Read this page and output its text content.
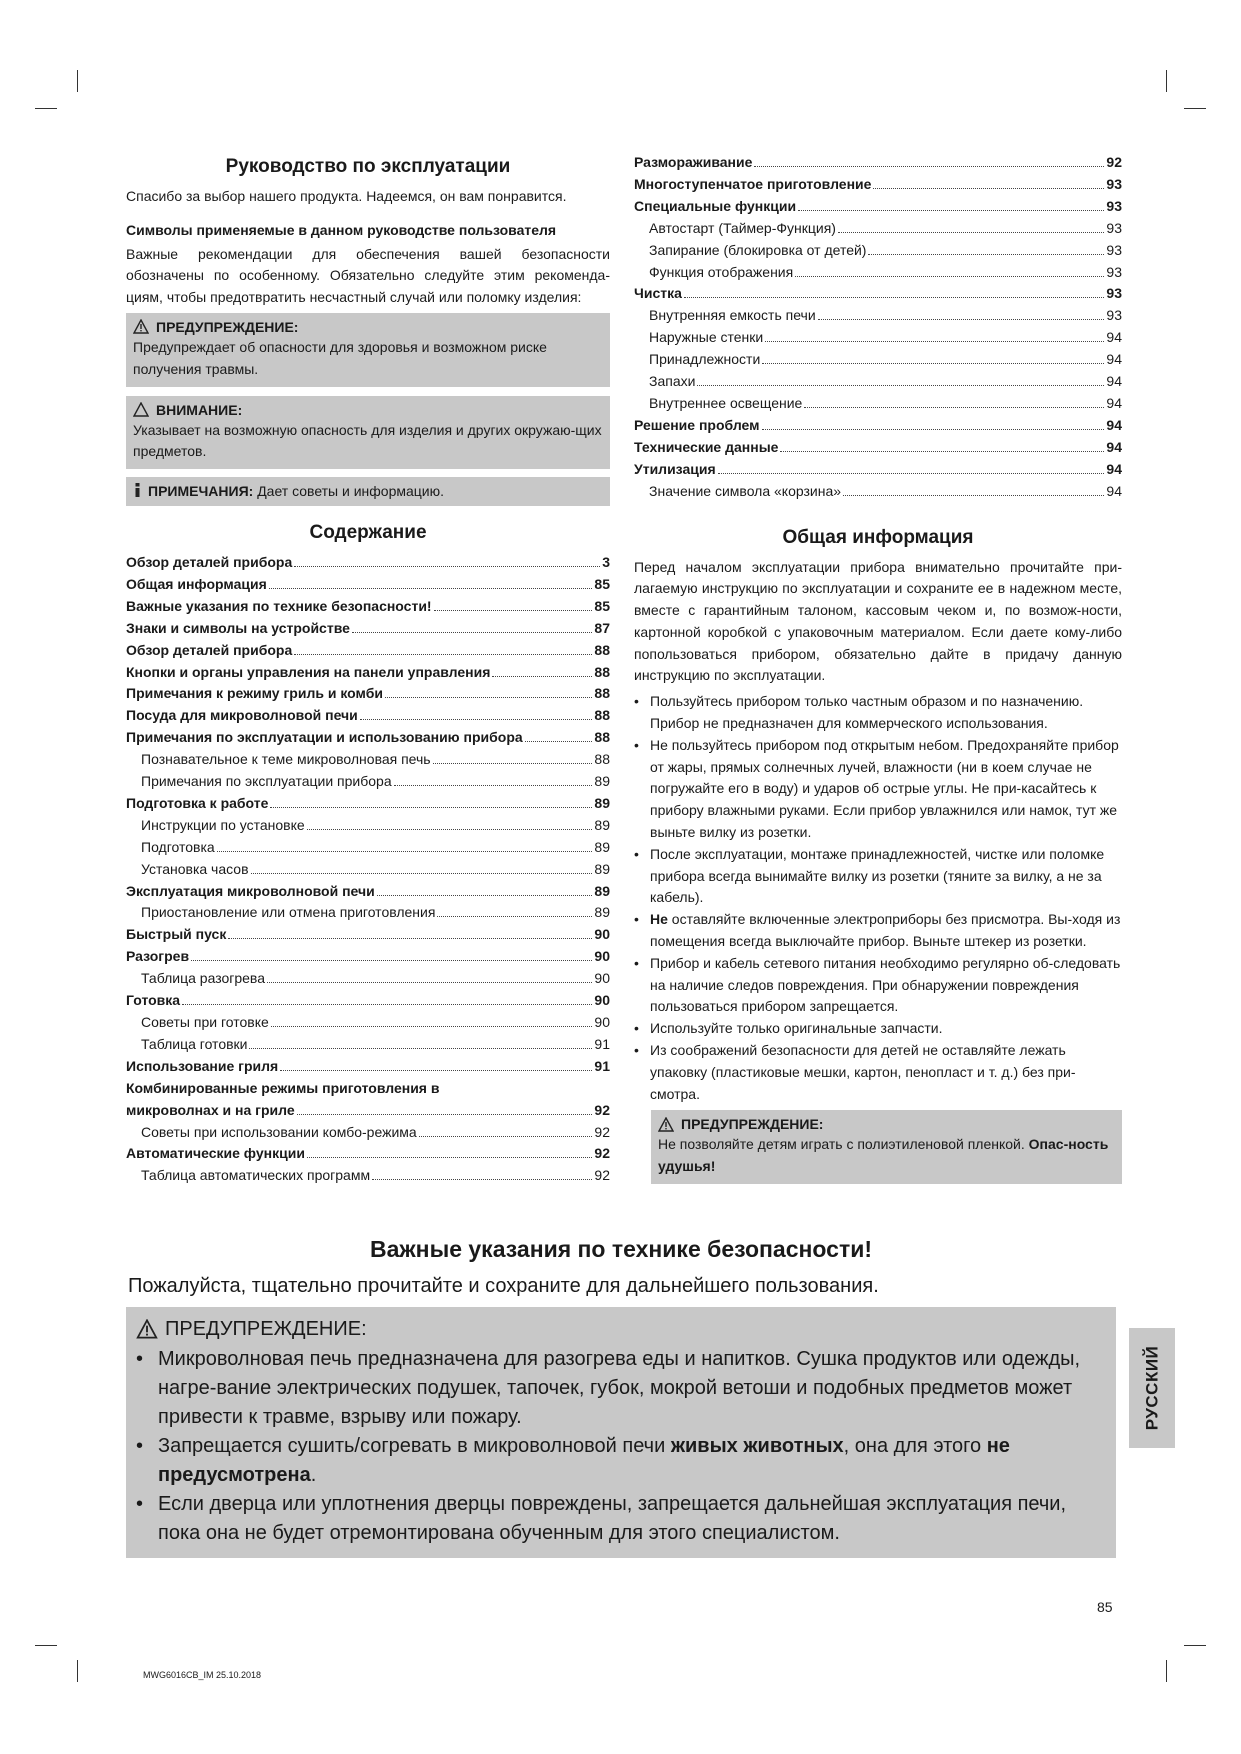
Руководство по эксплуатации
Спасибо за выбор нашего продукта. Надеемся, он вам понравится.
Символы применяемые в данном руководстве пользователя
Важные рекомендации для обеспечения вашей безопасности обозначены по особенному. Обязательно следуйте этим рекоменда-циям, чтобы предотвратить несчастный случай или поломку изделия:
ПРЕДУПРЕЖДЕНИЕ:
Предупреждает об опасности для здоровья и возможном риске получения травмы.
ВНИМАНИЕ:
Указывает на возможную опасность для изделия и других окружаю-щих предметов.
ПРИМЕЧАНИЯ: Дает советы и информацию.
Содержание
Обзор деталей прибора	3
Общая информация	85
Важные указания по технике безопасности!	85
Знаки и символы на устройстве	87
Обзор деталей прибора	88
Кнопки и органы управления на панели управления	88
Примечания к режиму гриль и комби	88
Посуда для микроволновой печи	88
Примечания по эксплуатации и использованию прибора	88
Познавательное к теме микроволновая печь	88
Примечания по эксплуатации прибора	89
Подготовка к работе	89
Инструкции по установке	89
Подготовка	89
Установка часов	89
Эксплуатация микроволновой печи	89
Приостановление или отмена приготовления	89
Быстрый пуск	90
Разогрев	90
Таблица разогрева	90
Готовка	90
Советы при готовке	90
Таблица готовки	91
Использование гриля	91
Комбинированные режимы приготовления в
микроволнах и на гриле	92
Советы при использовании комбо-режима	92
Автоматические функции	92
Таблица автоматических программ	92
Размораживание	92
Многоступенчатое приготовление	93
Специальные функции	93
Автостарт (Таймер-Функция)	93
Запирание (блокировка от детей)	93
Функция отображения	93
Чистка	93
Внутренняя емкость печи	93
Наружные стенки	94
Принадлежности	94
Запахи	94
Внутреннее освещение	94
Решение проблем	94
Технические данные	94
Утилизация	94
Значение символа «корзина»	94
Общая информация
Перед началом эксплуатации прибора внимательно прочитайте при-лагаемую инструкцию по эксплуатации и сохраните ее в надежном месте, вместе с гарантийным талоном, кассовым чеком и, по возмож-ности, картонной коробкой с упаковочным материалом. Если даете кому-либо попользоваться прибором, обязательно дайте в придачу данную инструкцию по эксплуатации.
• Пользуйтесь прибором только частным образом и по назначению. Прибор не предназначен для коммерческого использования.
• Не пользуйтесь прибором под открытым небом. Предохраняйте прибор от жары, прямых солнечных лучей, влажности (ни в коем случае не погружайте его в воду) и ударов об острые углы. Не при-касайтесь к прибору влажными руками. Если прибор увлажнился или намок, тут же выньте вилку из розетки.
• После эксплуатации, монтаже принадлежностей, чистке или поломке прибора всегда вынимайте вилку из розетки (тяните за вилку, а не за кабель).
• Не оставляйте включенные электроприборы без присмотра. Вы-ходя из помещения всегда выключайте прибор. Выньте штекер из розетки.
• Прибор и кабель сетевого питания необходимо регулярно об-следовать на наличие следов повреждения. При обнаружении повреждения пользоваться прибором запрещается.
• Используйте только оригинальные запчасти.
• Из соображений безопасности для детей не оставляйте лежать упаковку (пластиковые мешки, картон, пенопласт и т. д.) без при-смотра.
ПРЕДУПРЕЖДЕНИЕ:
Не позволяйте детям играть с полиэтиленовой пленкой. Опас-ность удушья!
Важные указания по технике безопасности!
Пожалуйста, тщательно прочитайте и сохраните для дальнейшего пользования.
ПРЕДУПРЕЖДЕНИЕ:
• Микроволновая печь предназначена для разогрева еды и напитков. Сушка продуктов или одежды, нагре-вание электрических подушек, тапочек, губок, мокрой ветоши и подобных предметов может привести к травме, взрыву или пожару.
• Запрещается сушить/согревать в микроволновой печи живых животных, она для этого не предусмотрена.
• Если дверца или уплотнения дверцы повреждены, запрещается дальнейшая эксплуатация печи, пока она не будет отремонтирована обученным для этого специалистом.
РУССКИЙ
85
MWG6016CB_IM 25.10.2018
